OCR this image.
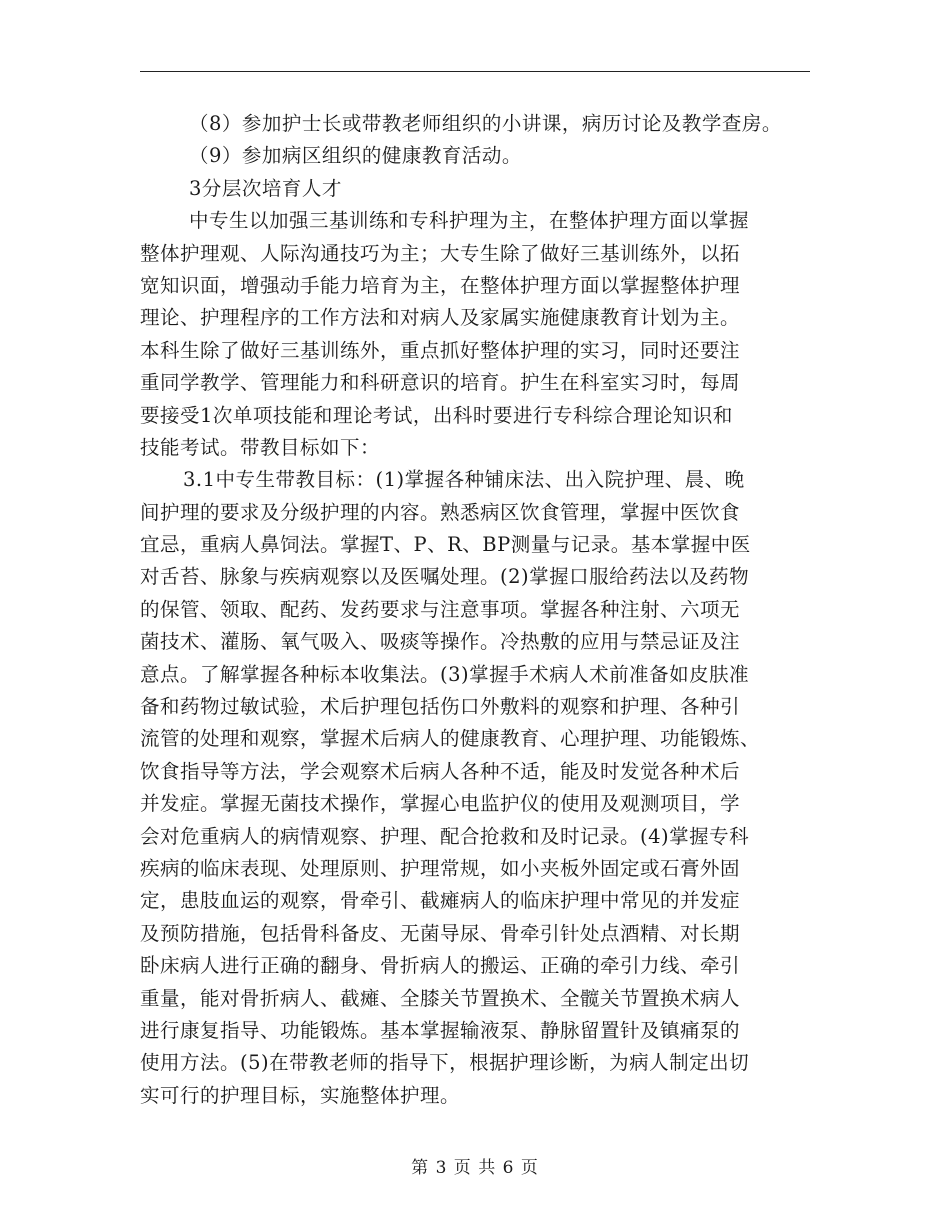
（8）参加护士长或带教老师组织的小讲课，病历讨论及教学查房。
（9）参加病区组织的健康教育活动。
3分层次培育人才
中专生以加强三基训练和专科护理为主，在整体护理方面以掌握
整体护理观、人际沟通技巧为主；大专生除了做好三基训练外，以拓
宽知识面，增强动手能力培育为主，在整体护理方面以掌握整体护理
理论、护理程序的工作方法和对病人及家属实施健康教育计划为主。
本科生除了做好三基训练外，重点抓好整体护理的实习，同时还要注
重同学教学、管理能力和科研意识的培育。护生在科室实习时，每周
要接受1次单项技能和理论考试，出科时要进行专科综合理论知识和
技能考试。带教目标如下：
3.1中专生带教目标：(1)掌握各种铺床法、出入院护理、晨、晚
间护理的要求及分级护理的内容。熟悉病区饮食管理，掌握中医饮食
宜忌，重病人鼻饲法。掌握T、P、R、BP测量与记录。基本掌握中医
对舌苔、脉象与疾病观察以及医嘱处理。(2)掌握口服给药法以及药物
的保管、领取、配药、发药要求与注意事项。掌握各种注射、六项无
菌技术、灌肠、氧气吸入、吸痰等操作。冷热敷的应用与禁忌证及注
意点。了解掌握各种标本收集法。(3)掌握手术病人术前准备如皮肤准
备和药物过敏试验，术后护理包括伤口外敷料的观察和护理、各种引
流管的处理和观察，掌握术后病人的健康教育、心理护理、功能锻炼、
饮食指导等方法，学会观察术后病人各种不适，能及时发觉各种术后
并发症。掌握无菌技术操作，掌握心电监护仪的使用及观测项目，学
会对危重病人的病情观察、护理、配合抢救和及时记录。(4)掌握专科
疾病的临床表现、处理原则、护理常规，如小夹板外固定或石膏外固
定，患肢血运的观察，骨牵引、截瘫病人的临床护理中常见的并发症
及预防措施，包括骨科备皮、无菌导尿、骨牵引针处点酒精、对长期
卧床病人进行正确的翻身、骨折病人的搬运、正确的牵引力线、牵引
重量，能对骨折病人、截瘫、全膝关节置换术、全髋关节置换术病人
进行康复指导、功能锻炼。基本掌握输液泵、静脉留置针及镇痛泵的
使用方法。(5)在带教老师的指导下，根据护理诊断，为病人制定出切
实可行的护理目标，实施整体护理。
第 3 页 共 6 页
